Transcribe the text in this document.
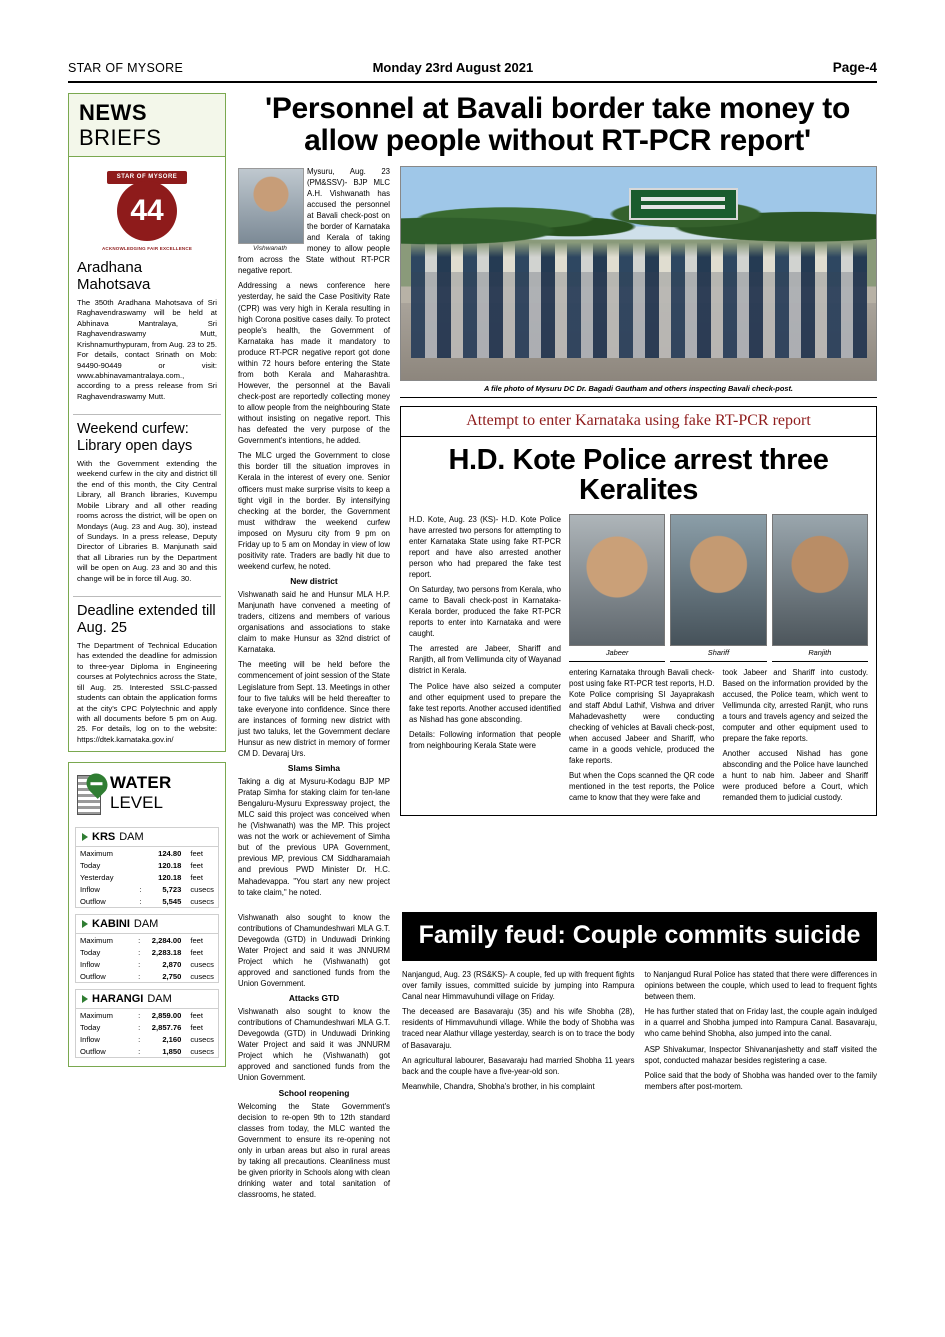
STAR OF MYSORE	Monday 23rd August 2021	Page-4
NEWS
BRIEFS
STAR OF MYSORE
44
ACKNOWLEDGING FAIR EXCELLENCE
Aradhana Mahotsava
The 350th Aradhana Mahotsava of Sri Raghavendraswamy will be held at Abhinava Mantralaya, Sri Raghavendraswamy Mutt, Krishnamurthypuram, from Aug. 23 to 25. For details, contact Srinath on Mob: 94490-90449 or visit: www.abhinavamantralaya.com., according to a press release from Sri Raghavendraswamy Mutt.
Weekend curfew: Library open days
With the Government extending the weekend curfew in the city and district till the end of this month, the City Central Library, all Branch libraries, Kuvempu Mobile Library and all other reading rooms across the district, will be open on Mondays (Aug. 23 and Aug. 30), instead of Sundays. In a press release, Deputy Director of Libraries B. Manjunath said that all Libraries run by the Department will be open on Aug. 23 and 30 and this change will be in force till Aug. 30.
Deadline extended till Aug. 25
The Department of Technical Education has extended the deadline for admission to three-year Diploma in Engineering courses at Polytechnics across the State, till Aug. 25. Interested SSLC-passed students can obtain the application forms at the city's CPC Polytechnic and apply with all documents before 5 pm on Aug. 25. For details, log on to the website: https://dtek.karnataka.gov.in/
WATER LEVEL
KRS DAM
Maximum		124.80	feet
Today		120.18	feet
Yesterday		120.18	feet
Inflow	:	5,723	cusecs
Outflow	:	5,545	cusecs
KABINI DAM
Maximum	:	2,284.00	feet
Today	:	2,283.18	feet
Inflow	:	2,870	cusecs
Outflow	:	2,750	cusecs
HARANGI DAM
Maximum	:	2,859.00	feet
Today	:	2,857.76	feet
Inflow	:	2,160	cusecs
Outflow	:	1,850	cusecs
'Personnel at Bavali border take money to allow people without RT-PCR report'
Vishwanath

Mysuru, Aug. 23 (PM&SSV)- BJP MLC A.H. Vishwanath has accused the personnel at Bavali check-post on the border of Karnataka and Kerala of taking money to allow people from across the State without RT-PCR negative report.

Addressing a news conference here yesterday, he said the Case Positivity Rate (CPR) was very high in Kerala resulting in high Corona positive cases daily. To protect people's health, the Government of Karnataka has made it mandatory to produce RT-PCR negative report got done within 72 hours before entering the State from both Kerala and Maharashtra. However, the personnel at the Bavali check-post are reportedly collecting money to allow people from the neighbouring State without insisting on negative report. This has defeated the very purpose of the Government's intentions, he added.

The MLC urged the Government to close this border till the situation improves in Kerala in the interest of every one. Senior officers must make surprise visits to keep a tight vigil in the border. By intensifying checking at the border, the Government must withdraw the weekend curfew imposed on Mysuru city from 9 pm on Friday up to 5 am on Monday in view of low positivity rate. Traders are badly hit due to weekend curfew, he noted.

New district

Vishwanath said he and Hunsur MLA H.P. Manjunath have convened a meeting of traders, citizens and members of various organisations and associations to stake claim to make Hunsur as 32nd district of Karnataka.

The meeting will be held before the commencement of joint session of the State Legislature from Sept. 13. Meetings in other four to five taluks will be held thereafter to take everyone into confidence. Since there are instances of forming new district with just two taluks, let the Government declare Hunsur as new district in memory of former CM D. Devaraj Urs.

Slams Simha

Taking a dig at Mysuru-Kodagu BJP MP Pratap Simha for staking claim for ten-lane Bengaluru-Mysuru Expressway project, the MLC said this project was conceived when he (Vishwanath) was the MP. This project was not the work or achievement of Simha but of the previous UPA Government, previous MP, previous CM Siddharamaiah and previous PWD Minister Dr. H.C. Mahadevappa. "You start any new project to take claim," he noted.

A file photo of Mysuru DC Dr. Bagadi Gautham and others inspecting Bavali check-post.
Attempt to enter Karnataka using fake RT-PCR report
H.D. Kote Police arrest three Keralites

H.D. Kote, Aug. 23 (KS)- H.D. Kote Police have arrested two persons for attempting to enter Karnataka State using fake RT-PCR report and have also arrested another person who had prepared the fake test report.

On Saturday, two persons from Kerala, who came to Bavali check-post in Karnataka-Kerala border, produced the fake RT-PCR reports to enter into Karnataka and were caught.

The arrested are Jabeer, Shariff and Ranjith, all from Vellimunda city of Wayanad district in Kerala.

The Police have also seized a computer and other equipment used to prepare the fake test reports. Another accused identified as Nishad has gone absconding.

Details: Following information that people from neighbouring Kerala State were

Jabeer	Shariff	Ranjith

entering Karnataka through Bavali check-post using fake RT-PCR test reports, H.D. Kote Police comprising SI Jayaprakash and staff Abdul Lathif, Vishwa and driver Mahadevashetty were conducting checking of vehicles at Bavali check-post, when accused Jabeer and Shariff, who came in a goods vehicle, produced the fake reports.

But when the Cops scanned the QR code mentioned in the test reports, the Police came to know that they were fake and

took Jabeer and Shariff into custody. Based on the information provided by the accused, the Police team, which went to Vellimunda city, arrested Ranjit, who runs a tours and travels agency and seized the computer and other equipment used to prepare the fake reports.

Another accused Nishad has gone absconding and the Police have launched a hunt to nab him. Jabeer and Shariff were produced before a Court, which remanded them to judicial custody.

Vishwanath also sought to know the contributions of Chamundeshwari MLA G.T. Devegowda (GTD) in Unduwadi Drinking Water Project and said it was JNNURM Project which he (Vishwanath) got approved and sanctioned funds from the Union Government.

Attacks GTD

Vishwanath also sought to know the contributions of Chamundeshwari MLA G.T. Devegowda (GTD) in Unduwadi Drinking Water Project and said it was JNNURM Project which he (Vishwanath) got approved and sanctioned funds from the Union Government.

School reopening

Welcoming the State Government's decision to re-open 9th to 12th standard classes from today, the MLC wanted the Government to ensure its re-opening not only in urban areas but also in rural areas by taking all precautions. Cleanliness must be given priority in Schools along with clean drinking water and total sanitation of classrooms, he stated.

Family feud: Couple commits suicide

Nanjangud, Aug. 23 (RS&KS)- A couple, fed up with frequent fights over family issues, committed suicide by jumping into Rampura Canal near Himmavuhundi village on Friday.

The deceased are Basavaraju (35) and his wife Shobha (28), residents of Himmavuhundi village. While the body of Shobha was traced near Alathur village yesterday, search is on to trace the body of Basavaraju.

An agricultural labourer, Basavaraju had married Shobha 11 years back and the couple have a five-year-old son.

Meanwhile, Chandra, Shobha's brother, in his complaint

to Nanjangud Rural Police has stated that there were differences in opinions between the couple, which used to lead to frequent fights between them.

He has further stated that on Friday last, the couple again indulged in a quarrel and Shobha jumped into Rampura Canal. Basavaraju, who came behind Shobha, also jumped into the canal.

ASP Shivakumar, Inspector Shivananjashetty and staff visited the spot, conducted mahazar besides registering a case.

Police said that the body of Shobha was handed over to the family members after post-mortem.
